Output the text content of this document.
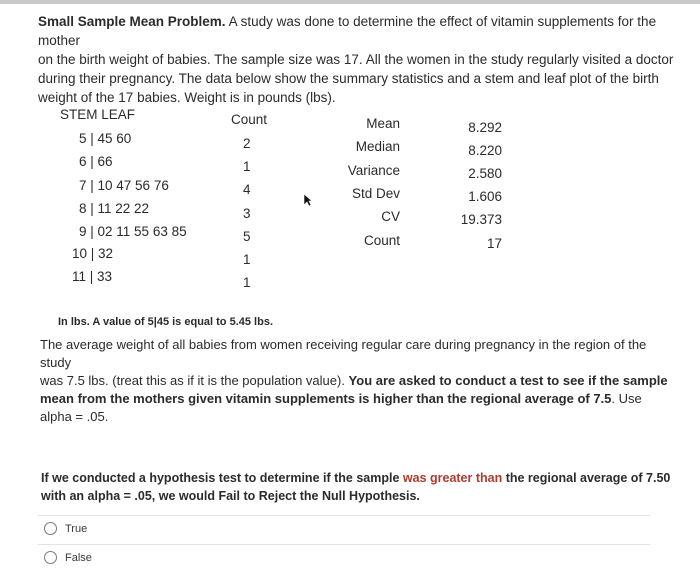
Small Sample Mean Problem. A study was done to determine the effect of vitamin supplements for the mother
on the birth weight of babies. The sample size was 17. All the women in the study regularly visited a doctor
during their pregnancy. The data below show the summary statistics and a stem and leaf plot of the birth
weight of the 17 babies. Weight is in pounds (lbs).
STEM LEAF	Count
5 | 45 60
6 | 66
7 | 10 47 56 76
8 | 11 22 22
9 | 02 11 55 63 85
10 | 32
11 | 33
2
1
4
3
5
1
1
Mean
Median
Variance
Std Dev
CV
Count
8.292
8.220
2.580
1.606
19.373
17
In lbs. A value of 5|45 is equal to 5.45 lbs.
The average weight of all babies from women receiving regular care during pregnancy in the region of the study
was 7.5 lbs. (treat this as if it is the population value). You are asked to conduct a test to see if the sample
mean from the mothers given vitamin supplements is higher than the regional average of 7.5. Use alpha = .05.
If we conducted a hypothesis test to determine if the sample was greater than the regional average of 7.50
with an alpha = .05, we would Fail to Reject the Null Hypothesis.
True
False
